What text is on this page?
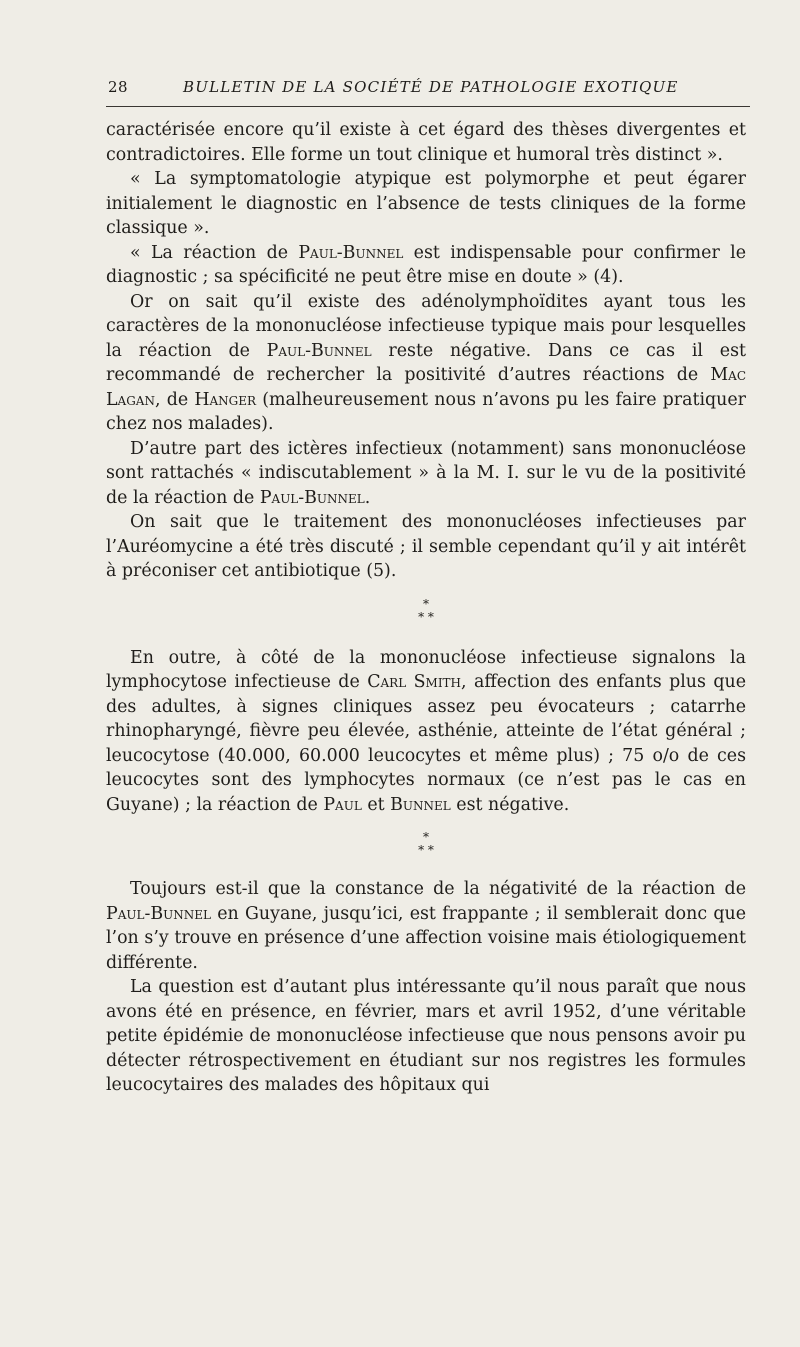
28	BULLETIN DE LA SOCIÉTÉ DE PATHOLOGIE EXOTIQUE

caractérisée encore qu’il existe à cet égard des thèses divergentes et contradictoires. Elle forme un tout clinique et humoral très distinct ».

« La symptomatologie atypique est polymorphe et peut égarer initialement le diagnostic en l’absence de tests cliniques de la forme classique ».

« La réaction de Paul-Bunnel est indispensable pour confirmer le diagnostic ; sa spécificité ne peut être mise en doute » (4).

Or on sait qu’il existe des adénolymphoïdites ayant tous les caractères de la mononucléose infectieuse typique mais pour lesquelles la réaction de Paul-Bunnel reste négative. Dans ce cas il est recommandé de rechercher la positivité d’autres réactions de Mac Lagan, de Hanger (malheureusement nous n’avons pu les faire pratiquer chez nos malades).

D’autre part des ictères infectieux (notamment) sans mononucléose sont rattachés « indiscutablement » à la M. I. sur le vu de la positivité de la réaction de Paul-Bunnel.

On sait que le traitement des mononucléoses infectieuses par l’Auréomycine a été très discuté ; il semble cependant qu’il y ait intérêt à préconiser cet antibiotique (5).

*
* *

En outre, à côté de la mononucléose infectieuse signalons la lymphocytose infectieuse de Carl Smith, affection des enfants plus que des adultes, à signes cliniques assez peu évocateurs ; catarrhe rhinopharyngé, fièvre peu élevée, asthénie, atteinte de l’état général ; leucocytose (40.000, 60.000 leucocytes et même plus) ; 75 o/o de ces leucocytes sont des lymphocytes normaux (ce n’est pas le cas en Guyane) ; la réaction de Paul et Bunnel est négative.

*
* *

Toujours est-il que la constance de la négativité de la réaction de Paul-Bunnel en Guyane, jusqu’ici, est frappante ; il semblerait donc que l’on s’y trouve en présence d’une affection voisine mais étiologiquement différente.

La question est d’autant plus intéressante qu’il nous paraît que nous avons été en présence, en février, mars et avril 1952, d’une véritable petite épidémie de mononucléose infectieuse que nous pensons avoir pu détecter rétrospectivement en étudiant sur nos registres les formules leucocytaires des malades des hôpitaux qui
